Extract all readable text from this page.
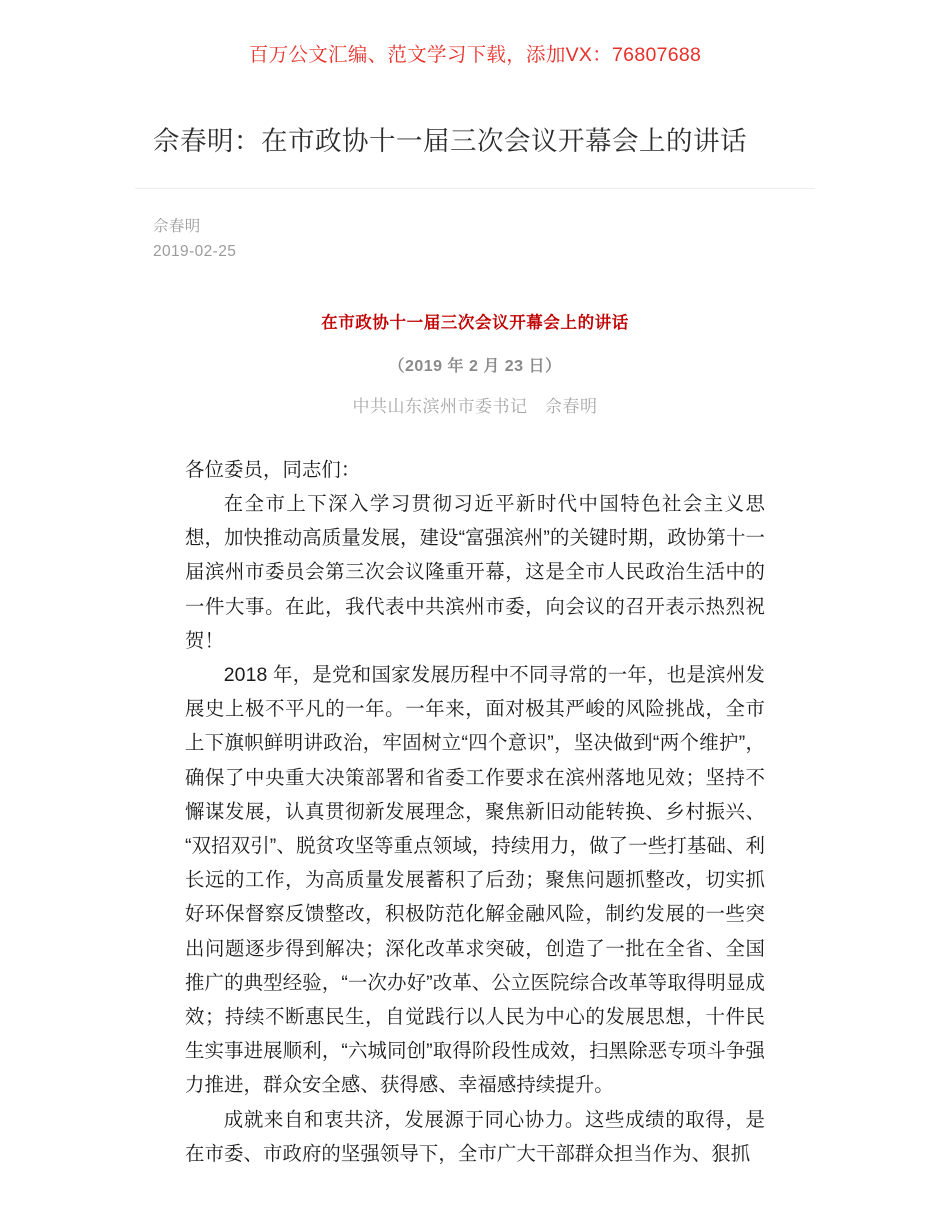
百万公文汇编、范文学习下载，添加VX：76807688
佘春明：在市政协十一届三次会议开幕会上的讲话
佘春明
2019-02-25
在市政协十一届三次会议开幕会上的讲话
（2019 年 2 月 23 日）
中共山东滨州市委书记　佘春明

各位委员，同志们：

在全市上下深入学习贯彻习近平新时代中国特色社会主义思想，加快推动高质量发展，建设“富强滨州”的关键时期，政协第十一届滨州市委员会第三次会议隆重开幕，这是全市人民政治生活中的一件大事。在此，我代表中共滨州市委，向会议的召开表示热烈祝贺！

2018 年，是党和国家发展历程中不同寻常的一年，也是滨州发展史上极不平凡的一年。一年来，面对极其严峻的风险挑战，全市上下旗帜鲜明讲政治，牢固树立“四个意识”，坚决做到“两个维护”，确保了中央重大决策部署和省委工作要求在滨州落地见效；坚持不懈谋发展，认真贯彻新发展理念，聚焦新旧动能转换、乡村振兴、“双招双引”、脱贫攻坚等重点领域，持续用力，做了一些打基础、利长远的工作，为高质量发展蓄积了后劲；聚焦问题抓整改，切实抓好环保督察反馈整改，积极防范化解金融风险，制约发展的一些突出问题逐步得到解决；深化改革求突破，创造了一批在全省、全国推广的典型经验，“一次办好”改革、公立医院综合改革等取得明显成效；持续不断惠民生，自觉践行以人民为中心的发展思想，十件民生实事进展顺利，“六城同创”取得阶段性成效，扫黑除恶专项斗争强力推进，群众安全感、获得感、幸福感持续提升。

成就来自和衷共济，发展源于同心协力。这些成绩的取得，是在市委、市政府的坚强领导下，全市广大干部群众担当作为、狠抓
